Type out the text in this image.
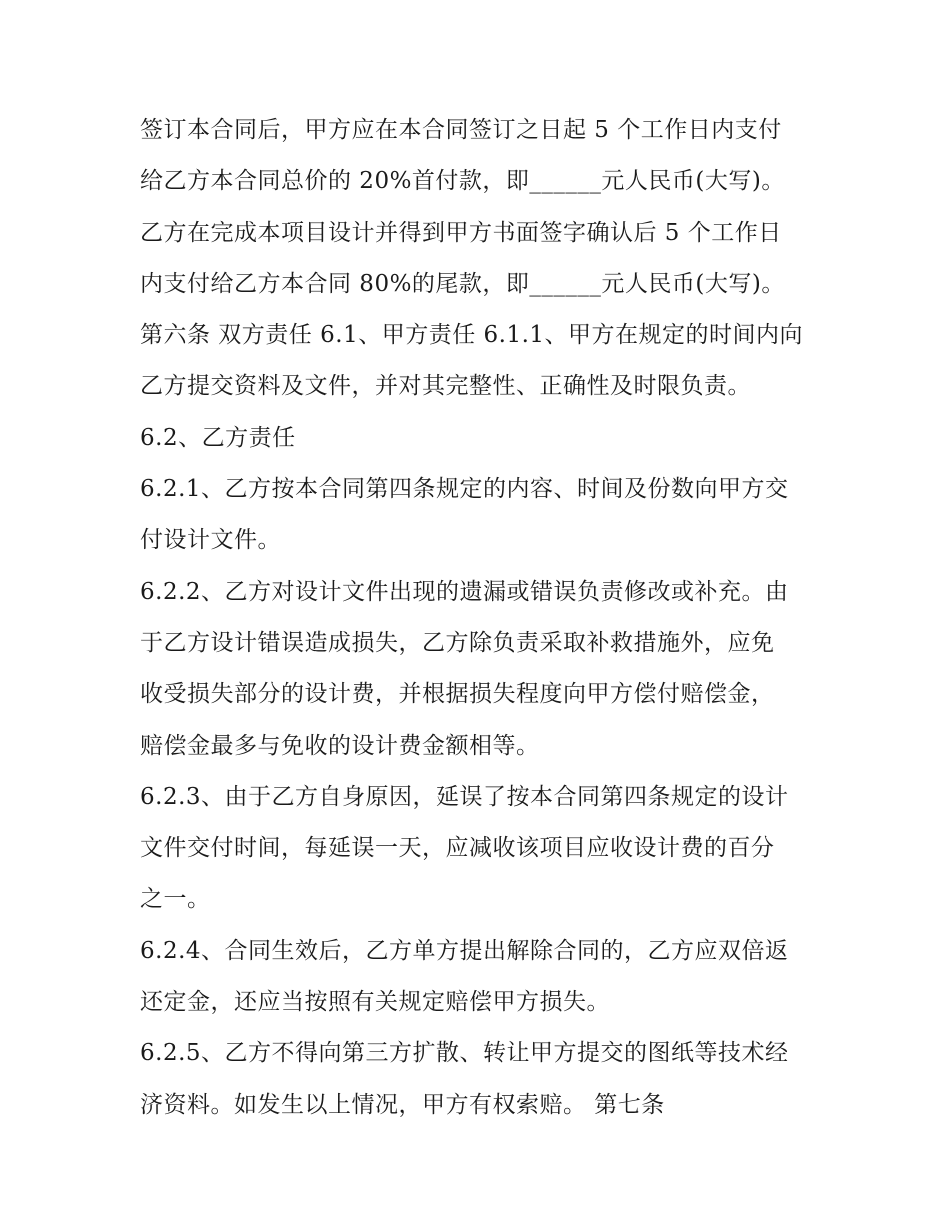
签订本合同后，甲方应在本合同签订之日起 5 个工作日内支付
给乙方本合同总价的 20%首付款，即______元人民币(大写)。
乙方在完成本项目设计并得到甲方书面签字确认后 5 个工作日
内支付给乙方本合同 80%的尾款，即______元人民币(大写)。
第六条 双方责任 6.1、甲方责任 6.1.1、甲方在规定的时间内向
乙方提交资料及文件，并对其完整性、正确性及时限负责。
6.2、乙方责任
6.2.1、乙方按本合同第四条规定的内容、时间及份数向甲方交
付设计文件。
6.2.2、乙方对设计文件出现的遗漏或错误负责修改或补充。由
于乙方设计错误造成损失，乙方除负责采取补救措施外，应免
收受损失部分的设计费，并根据损失程度向甲方偿付赔偿金，
赔偿金最多与免收的设计费金额相等。
6.2.3、由于乙方自身原因，延误了按本合同第四条规定的设计
文件交付时间，每延误一天，应减收该项目应收设计费的百分
之一。
6.2.4、合同生效后，乙方单方提出解除合同的，乙方应双倍返
还定金，还应当按照有关规定赔偿甲方损失。
6.2.5、乙方不得向第三方扩散、转让甲方提交的图纸等技术经
济资料。如发生以上情况，甲方有权索赔。 第七条
